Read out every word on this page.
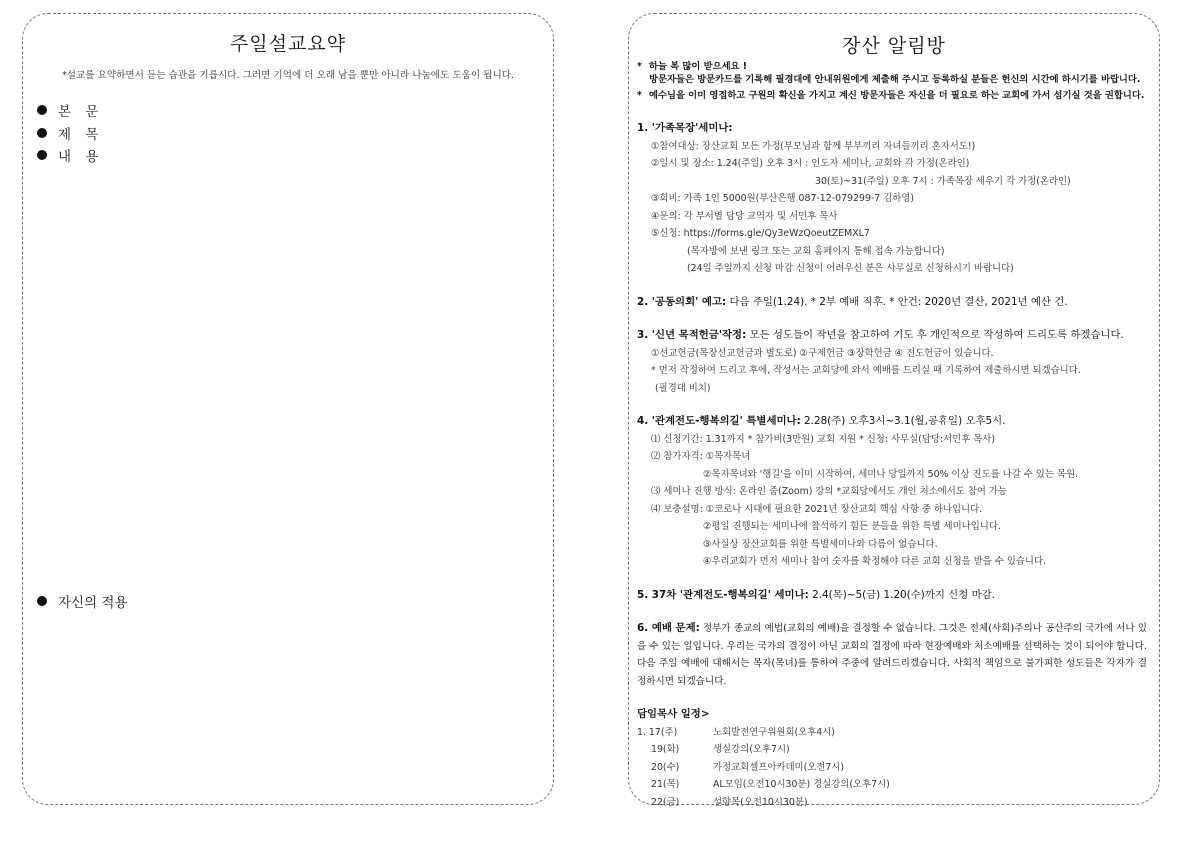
주일설교요약
*설교를 요약하면서 듣는 습관을 기릅시다. 그러면 기억에 더 오래 남을 뿐만 아니라 나눔에도 도움이 됩니다.
본 문
제 목
내 용
자신의 적용
장산 알림방
* 하늘 복 많이 받으세요 !
방문자들은 방문카드를 기록해 필경대에 안내위원에게 제출해 주시고 등록하실 분들은 헌신의 시간에 하시기를 바랍니다.
* 예수님을 이미 영접하고 구원의 확신을 가지고 계신 방문자들은 자신을 더 필요로 하는 교회에 가서 섬기실 것을 권합니다.
1. '가족목장'세미나:
①참여대상: 장산교회 모든 가정(부모님과 함께 부부끼리 자녀들끼리 혼자서도!)
②일시 및 장소: 1.24(주일) 오후 3시 : 인도자 세미나, 교회와 각 가정(온라인)
30(토)~31(주일) 오후 7시 : 가족목장 세우기 각 가정(온라인)
③회비: 가족 1인 5000원(부산은행 087-12-079299-7 김하영)
④문의: 각 부서별 담당 교역자 및 서민후 목사
⑤신청: https://forms.gle/Qy3eWzQoeutZEMXL7
(목자방에 보낸 링크 또는 교회 홈페이지 통해 접속 가능합니다)
(24일 주일까지 신청 마감 신청이 어려우신 분은 사무실로 신청하시기 바랍니다)
2. '공동의회' 예고: 다음 주일(1.24). * 2부 예배 직후. * 안건: 2020년 결산, 2021년 예산 건.
3. '신년 목적헌금'작정: 모든 성도들이 작년을 참고하여 기도 후 개인적으로 작성하여 드리도록 하겠습니다.
①선교헌금(목장선교헌금과 별도로) ②구제헌금 ③장학헌금 ④ 전도헌금이 있습니다.
* 먼저 작정하여 드리고 후에, 작성서는 교회당에 와서 예배를 드리실 때 기록하여 제출하시면 되겠습니다.
(필경대 비치)
4. '관계전도-행복의길' 특별세미나: 2.28(주) 오후3시~3.1(월,공휴일) 오후5시.
⑴ 신청기간: 1.31까지 * 참가비(3만원) 교회 지원 * 신청: 사무실(담당:서민후 목사)
⑵ 참가자격: ①목자목녀
②목자목녀와 '행길'을 이미 시작하여, 세미나 당일까지 50% 이상 진도를 나갈 수 있는 목원.
⑶ 세미나 진행 방식: 온라인 줌(Zoom) 강의 *교회당에서도 개인 처소에서도 참여 가능
⑷ 보충설명: ①코로나 시대에 필요한 2021년 장산교회 핵심 사항 중 하나입니다.
②평일 진행되는 세미나에 참석하기 힘든 분들을 위한 특별 세미나입니다.
③사실상 장산교회를 위한 특별세미나와 다름이 없습니다.
④우리교회가 먼저 세미나 참여 숫자를 확정해야 다른 교회 신청을 받을 수 있습니다.
5. 37차 '관계전도-행복의길' 세미나: 2.4(목)~5(금) 1.20(수)까지 신청 마감.
6. 예배 문제: 정부가 종교의 예법(교회의 예배)을 결정할 수 없습니다. 그것은 전체(사회)주의나 공산주의 국가에 서나 있을 수 있는 일입니다. 우리는 국가의 결정이 아닌 교회의 결정에 따라 현장예배와 처소예배를 선택하는 것이 되어야 합니다. 다음 주일 예배에 대해서는 목자(목녀)를 통하여 주중에 알려드리겠습니다. 사회적 책임으로 불가피한 성도들은 각자가 결정하시면 되겠습니다.
담임목사 일정>
1. 17(주)	노회발전연구위원회(오후4시)
19(화)	생실강의(오후7시)
20(수)	가정교회셀프아카데미(오전7시)
21(목)	AL모임(오전10시30분) 경실강의(오후7시)
22(금)	설향목(오전10시30분)
